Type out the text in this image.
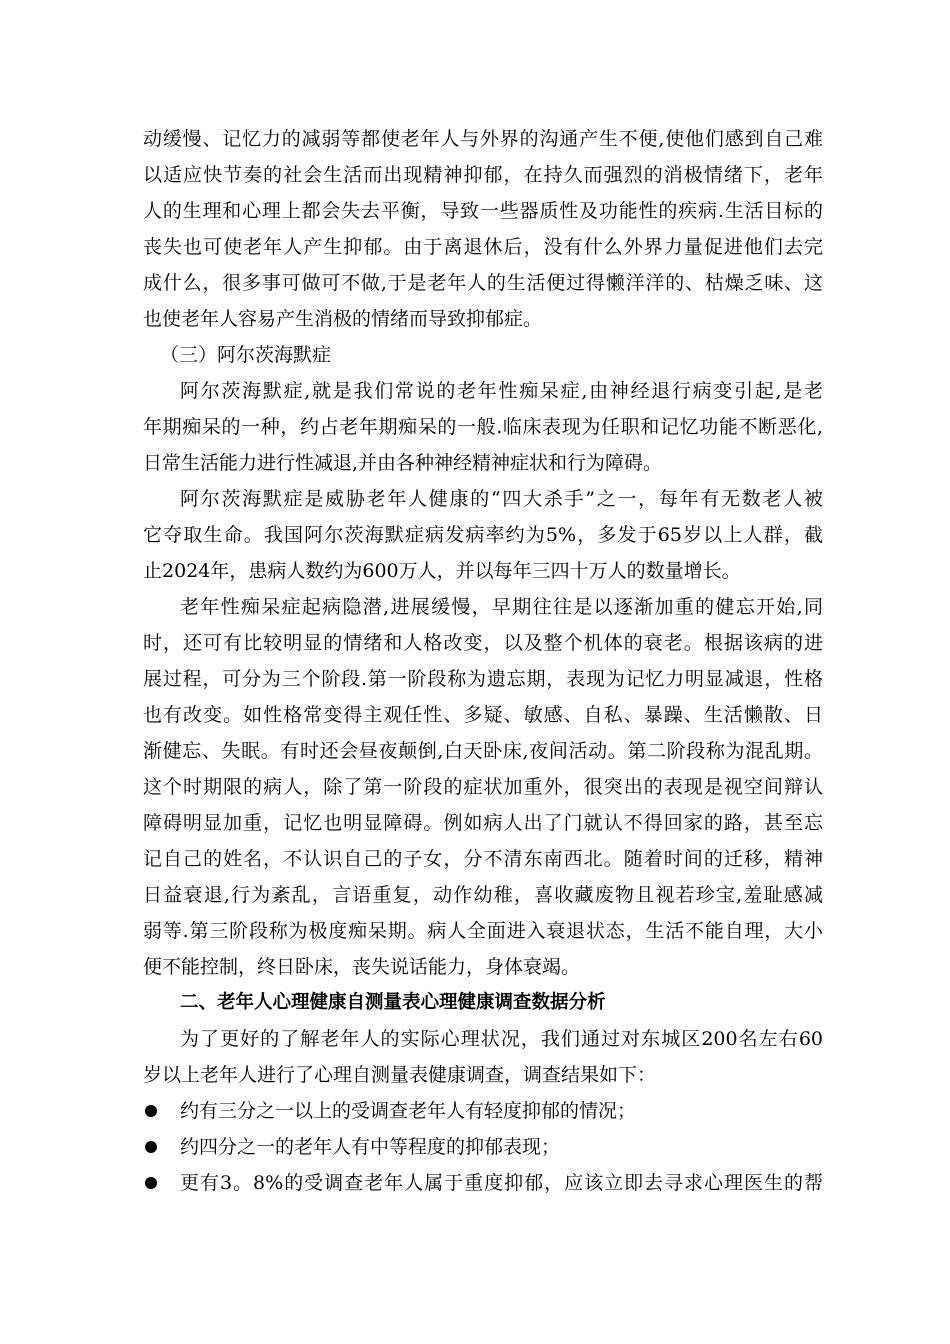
动缓慢、记忆力的减弱等都使老年人与外界的沟通产生不便,使他们感到自己难
以适应快节奏的社会生活而出现精神抑郁，在持久而强烈的消极情绪下，老年
人的生理和心理上都会失去平衡，导致一些器质性及功能性的疾病.生活目标的
丧失也可使老年人产生抑郁。由于离退休后，没有什么外界力量促进他们去完
成什么，很多事可做可不做,于是老年人的生活便过得懒洋洋的、枯燥乏味、这
也使老年人容易产生消极的情绪而导致抑郁症。
（三）阿尔茨海默症
阿尔茨海默症,就是我们常说的老年性痴呆症,由神经退行病变引起,是老
年期痴呆的一种，约占老年期痴呆的一般.临床表现为任职和记忆功能不断恶化,
日常生活能力进行性减退,并由各种神经精神症状和行为障碍。
阿尔茨海默症是威胁老年人健康的“四大杀手”之一，每年有无数老人被
它夺取生命。我国阿尔茨海默症病发病率约为5%，多发于65岁以上人群，截
止2024年，患病人数约为600万人，并以每年三四十万人的数量增长。
老年性痴呆症起病隐潜,进展缓慢，早期往往是以逐渐加重的健忘开始,同
时，还可有比较明显的情绪和人格改变，以及整个机体的衰老。根据该病的进
展过程，可分为三个阶段.第一阶段称为遗忘期，表现为记忆力明显减退，性格
也有改变。如性格常变得主观任性、多疑、敏感、自私、暴躁、生活懒散、日
渐健忘、失眠。有时还会昼夜颠倒,白天卧床,夜间活动。第二阶段称为混乱期。
这个时期限的病人，除了第一阶段的症状加重外，很突出的表现是视空间辩认
障碍明显加重，记忆也明显障碍。例如病人出了门就认不得回家的路，甚至忘
记自己的姓名，不认识自己的子女，分不清东南西北。随着时间的迁移，精神
日益衰退,行为紊乱，言语重复，动作幼稚，喜收藏废物且视若珍宝,羞耻感减
弱等.第三阶段称为极度痴呆期。病人全面进入衰退状态，生活不能自理，大小
便不能控制，终日卧床，丧失说话能力，身体衰竭。
二、老年人心理健康自测量表心理健康调查数据分析
为了更好的了解老年人的实际心理状况，我们通过对东城区200名左右60
岁以上老年人进行了心理自测量表健康调查，调查结果如下：
约有三分之一以上的受调查老年人有轻度抑郁的情况；
约四分之一的老年人有中等程度的抑郁表现；
更有3。8%的受调查老年人属于重度抑郁，应该立即去寻求心理医生的帮
